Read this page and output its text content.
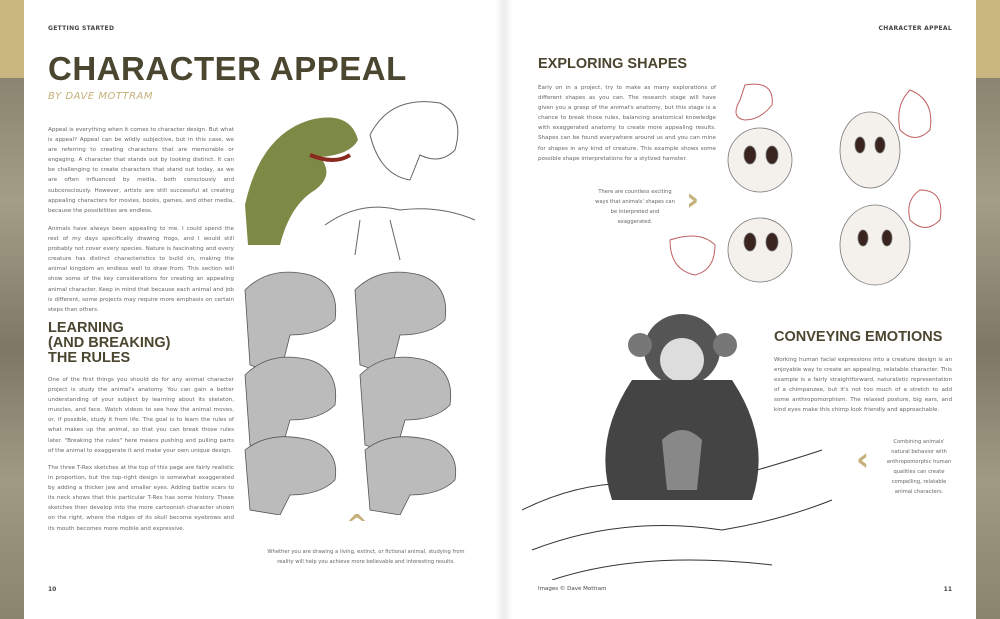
GETTING STARTED	CHARACTER APPEAL
CHARACTER APPEAL
BY DAVE MOTTRAM
Appeal is everything when it comes to character design. But what is appeal? Appeal can be wildly subjective, but in this case, we are referring to creating characters that are memorable or engaging. A character that stands out by looking distinct. It can be challenging to create characters that stand out today, as we are often influenced by media, both consciously and subconsciously. However, artists are still successful at creating appealing characters for movies, books, games, and other media, because the possibilities are endless.
Animals have always been appealing to me. I could spend the rest of my days specifically drawing frogs, and I would still probably not cover every species. Nature is fascinating and every creature has distinct characteristics to build on, making the animal kingdom an endless well to draw from. This section will show some of the key considerations for creating an appealing animal character. Keep in mind that because each animal and job is different, some projects may require more emphasis on certain steps than others.
LEARNING
(AND BREAKING)
THE RULES
One of the first things you should do for any animal character project is study the animal's anatomy. You can gain a better understanding of your subject by learning about its skeleton, muscles, and face. Watch videos to see how the animal moves, or, if possible, study it from life. The goal is to learn the rules of what makes up the animal, so that you can break those rules later. "Breaking the rules" here means pushing and pulling parts of the animal to exaggerate it and make your own unique design.
The three T-Rex sketches at the top of this page are fairly realistic in proportion, but the top-right design is somewhat exaggerated by adding a thicker jaw and smaller eyes. Adding battle scars to its neck shows that this particular T-Rex has some history. These sketches then develop into the more cartoonish character shown on the right, where the ridges of its skull become eyebrows and its mouth becomes more mobile and expressive.	^
Whether you are drawing a living, extinct, or fictional animal, studying from reality will help you achieve more believable and interesting results.
10
EXPLORING SHAPES
Early on in a project, try to make as many explorations of different shapes as you can. The research stage will have given you a grasp of the animal's anatomy, but this stage is a chance to break those rules, balancing anatomical knowledge with exaggerated anatomy to create more appealing results. Shapes can be found everywhere around us and you can mine for shapes in any kind of creature. This example shows some possible shape interpretations for a stylized hamster.
There are countless exciting ways that animals' shapes can be interpreted and exaggerated.
›
CONVEYING EMOTIONS
Working human facial expressions into a creature design is an enjoyable way to create an appealing, relatable character. This example is a fairly straightforward, naturalistic representation of a chimpanzee, but it's not too much of a stretch to add some anthropomorphism. The relaxed posture, big ears, and kind eyes make this chimp look friendly and approachable.
‹	Combining animals' natural behavior with anthropomorphic human qualities can create compelling, relatable animal characters.
Images © Dave Mottram	11
